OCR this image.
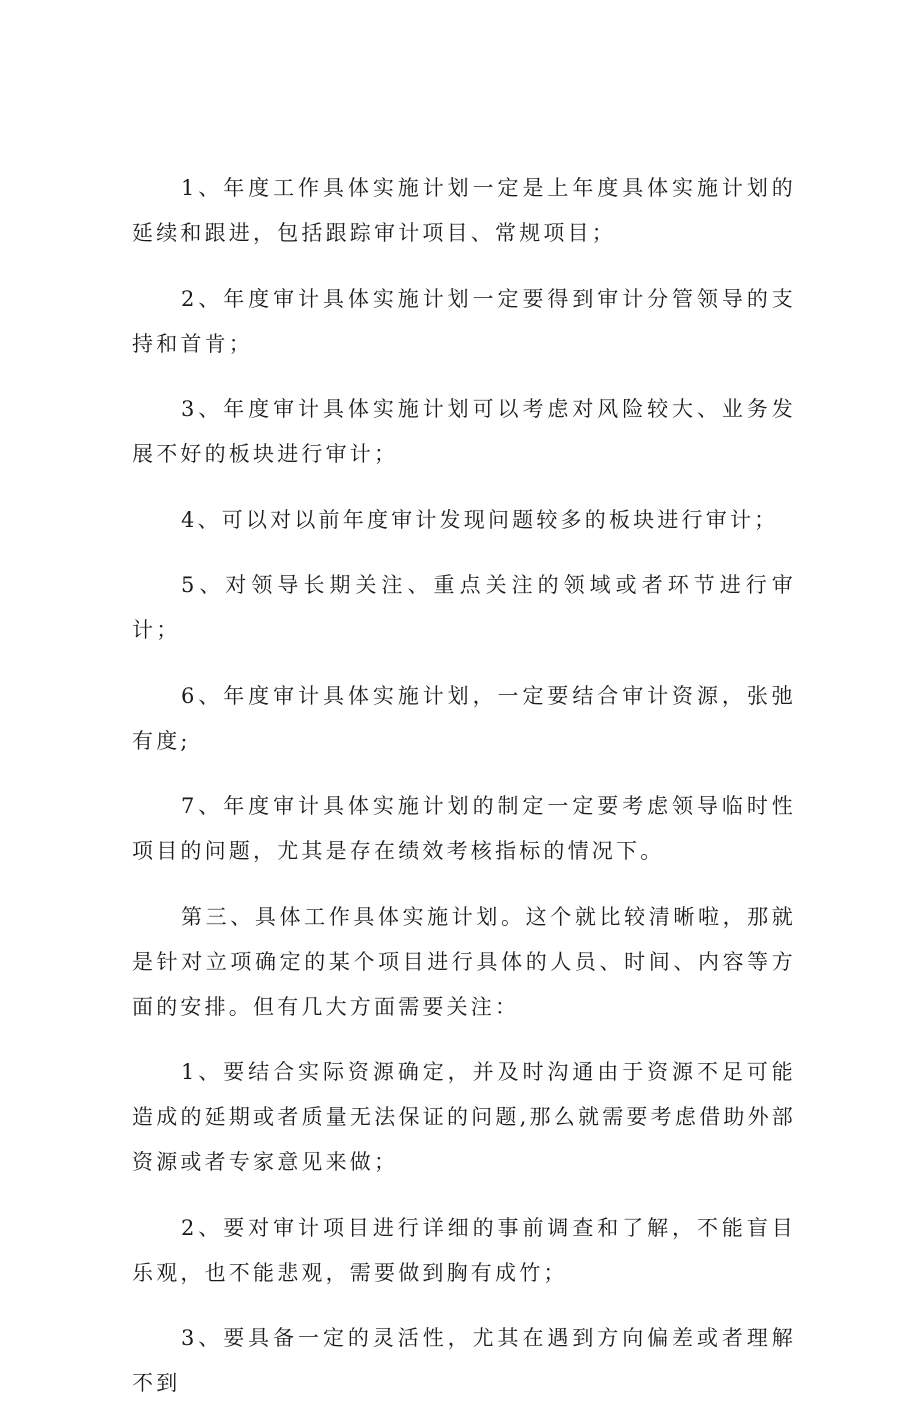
1、年度工作具体实施计划一定是上年度具体实施计划的延续和跟进，包括跟踪审计项目、常规项目；

2、年度审计具体实施计划一定要得到审计分管领导的支持和首肯；

3、年度审计具体实施计划可以考虑对风险较大、业务发展不好的板块进行审计；

4、可以对以前年度审计发现问题较多的板块进行审计；

5、对领导长期关注、重点关注的领域或者环节进行审计；

6、年度审计具体实施计划，一定要结合审计资源，张弛有度;

7、年度审计具体实施计划的制定一定要考虑领导临时性项目的问题，尤其是存在绩效考核指标的情况下。

第三、具体工作具体实施计划。这个就比较清晰啦，那就是针对立项确定的某个项目进行具体的人员、时间、内容等方面的安排。但有几大方面需要关注：

1、要结合实际资源确定，并及时沟通由于资源不足可能造成的延期或者质量无法保证的问题,那么就需要考虑借助外部资源或者专家意见来做；

2、要对审计项目进行详细的事前调查和了解，不能盲目乐观，也不能悲观，需要做到胸有成竹；

3、要具备一定的灵活性，尤其在遇到方向偏差或者理解不到
